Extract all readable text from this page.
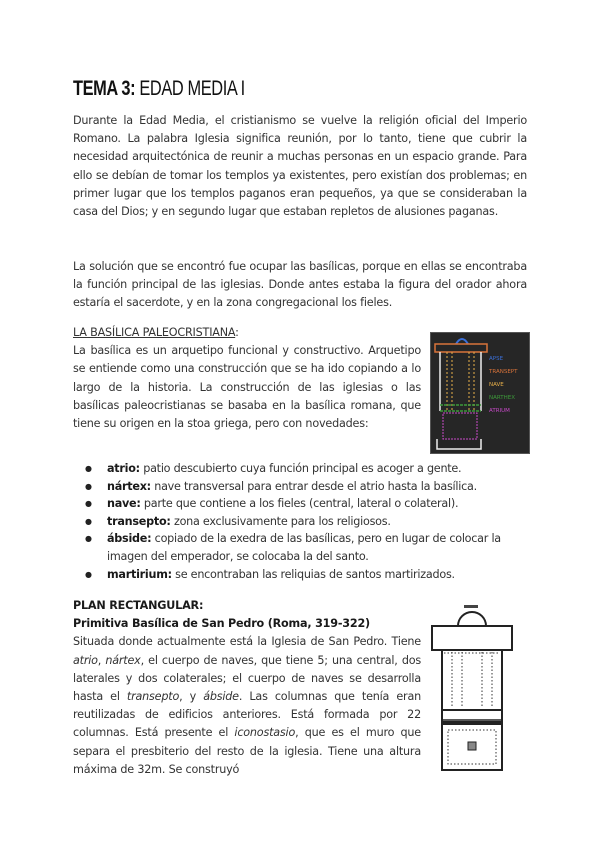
TEMA 3: EDAD MEDIA I

Durante la Edad Media, el cristianismo se vuelve la religión oficial del Imperio Romano. La palabra Iglesia significa reunión, por lo tanto, tiene que cubrir la necesidad arquitectónica de reunir a muchas personas en un espacio grande. Para ello se debían de tomar los templos ya existentes, pero existían dos problemas; en primer lugar que los templos paganos eran pequeños, ya que se consideraban la casa del Dios; y en segundo lugar que estaban repletos de alusiones paganas.

La solución que se encontró fue ocupar las basílicas, porque en ellas se encontraba la función principal de las iglesias. Donde antes estaba la figura del orador ahora estaría el sacerdote, y en la zona congregacional los fieles.

LA BASÍLICA PALEOCRISTIANA:
La basílica es un arquetipo funcional y constructivo. Arquetipo se entiende como una construcción que se ha ido copiando a lo largo de la historia. La construcción de las iglesias o las basílicas paleocristianas se basaba en la basílica romana, que tiene su origen en la stoa griega, pero con novedades:
APSE
TRANSEPT
NAVE
NARTHEX
ATRIUM
● atrio: patio descubierto cuya función principal es acoger a gente.
● nártex: nave transversal para entrar desde el atrio hasta la basílica.
● nave: parte que contiene a los fieles (central, lateral o colateral).
● transepto: zona exclusivamente para los religiosos.
● ábside: copiado de la exedra de las basílicas, pero en lugar de colocar la imagen del emperador, se colocaba la del santo.
● martirium: se encontraban las reliquias de santos martirizados.
PLAN RECTANGULAR:
Primitiva Basílica de San Pedro (Roma, 319-322)
Situada donde actualmente está la Iglesia de San Pedro. Tiene atrio, nártex, el cuerpo de naves, que tiene 5; una central, dos laterales y dos colaterales; el cuerpo de naves se desarrolla hasta el transepto, y ábside. Las columnas que tenía eran reutilizadas de edificios anteriores. Está formada por 22 columnas. Está presente el iconostasio, que es el muro que separa el presbiterio del resto de la iglesia. Tiene una altura máxima de 32m. Se construyó
